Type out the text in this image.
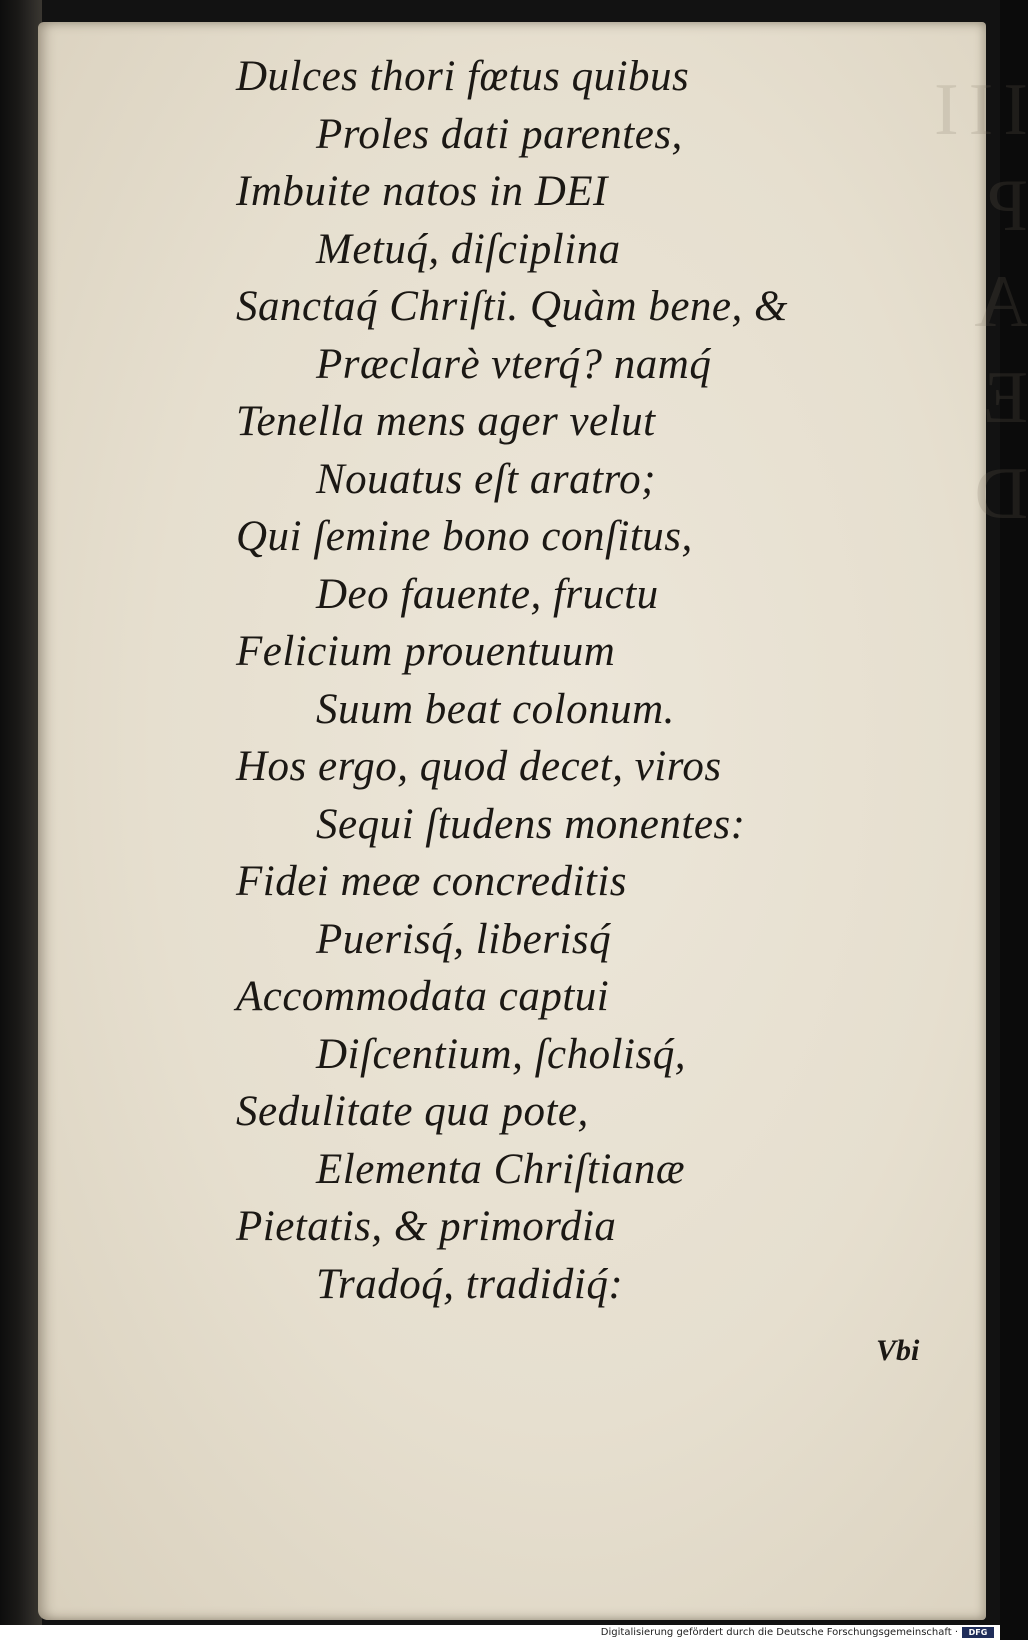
III
P
A
E
D

Dulces thori fœtus quibus
Proles dati parentes,
Imbuite natos in DEI
Metuq́, diſciplina
Sanctaq́ Chriſti. Quàm bene, &
Præclarè vterq́? namq́
Tenella mens ager velut
Nouatus eſt aratro;
Qui ſemine bono conſitus,
Deo fauente, fructu
Felicium prouentuum
Suum beat colonum.
Hos ergo, quod decet, viros
Sequi ſtudens monentes:
Fidei meæ concreditis
Puerisq́, liberisq́
Accommodata captui
Diſcentium, ſcholisq́,
Sedulitate qua pote,
Elementa Chriſtianæ
Pietatis, & primordia
Tradoq́, tradidiq́:
Vbi
Digitalisierung gefördert durch die Deutsche Forschungsgemeinschaft ·	DFG
